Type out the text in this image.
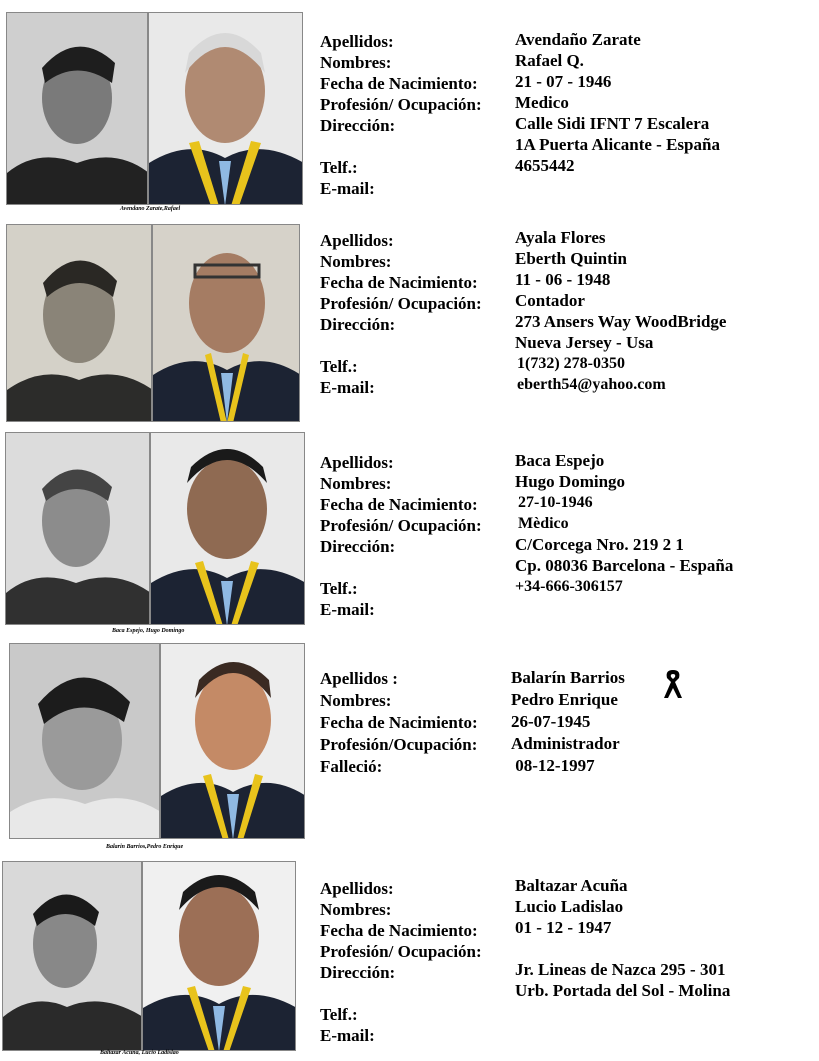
Avendano Zarate,Rafael
Apellidos:
Nombres:
Fecha de Nacimiento:
Profesión/ Ocupación:
Dirección:
Telf.:
E-mail:
Avendaño Zarate
Rafael Q.
21 - 07 - 1946
Medico
Calle Sidi IFNT 7 Escalera
1A Puerta Alicante - España
4655442
Apellidos:
Nombres:
Fecha de Nacimiento:
Profesión/ Ocupación:
Dirección:
Telf.:
E-mail:
Ayala Flores
Eberth Quintin
11 - 06 - 1948
Contador
273 Ansers Way WoodBridge
Nueva Jersey - Usa
1(732) 278-0350
eberth54@yahoo.com
Baca Espejo, Hugo Domingo
Apellidos:
Nombres:
Fecha de Nacimiento:
Profesión/ Ocupación:
Dirección:
Telf.:
E-mail:
Baca Espejo
Hugo Domingo
27-10-1946
Mèdico
C/Corcega Nro. 219 2 1
Cp. 08036 Barcelona - España
+34-666-306157
Balarin Barrios,Pedro Enrique
Apellidos :
Nombres:
Fecha de Nacimiento:
Profesión/Ocupación:
Falleció:
Balarín Barrios
Pedro Enrique
26-07-1945
Administrador
08-12-1997
Baltazar Acuna, Lucio Ladislao
Apellidos:
Nombres:
Fecha de Nacimiento:
Profesión/ Ocupación:
Dirección:
Telf.:
E-mail:
Baltazar Acuña
Lucio Ladislao
01 - 12 - 1947
Jr. Lineas de Nazca 295 - 301
Urb. Portada del Sol - Molina
